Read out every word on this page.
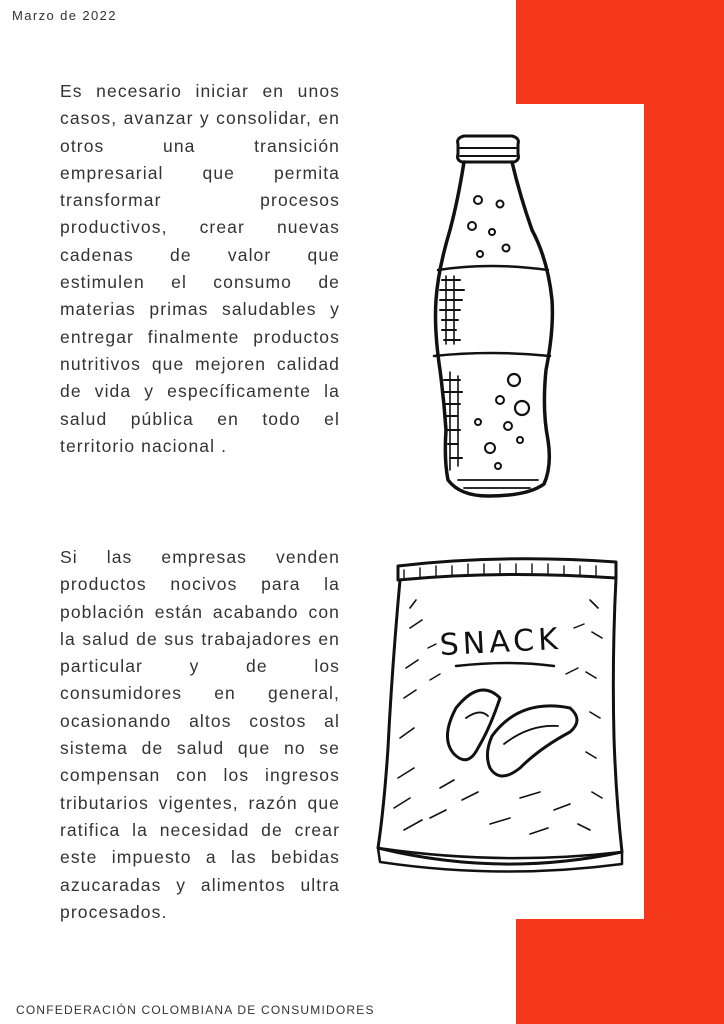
Marzo de 2022

Es necesario iniciar en unos casos, avanzar y consolidar, en otros una transición empresarial que permita transformar procesos productivos, crear nuevas cadenas de valor que estimulen el consumo de materias primas saludables y entregar finalmente productos nutritivos que mejoren calidad de vida y específicamente la salud pública en todo el territorio nacional .

Si las empresas venden productos nocivos para la población están acabando con la salud de sus trabajadores en particular y de los consumidores en general, ocasionando altos costos al sistema de salud que no se compensan con los ingresos tributarios vigentes, razón que ratifica la necesidad de crear este impuesto a las bebidas azucaradas y alimentos ultra procesados.

SNACK
CONFEDERACIÓN COLOMBIANA DE CONSUMIDORES
